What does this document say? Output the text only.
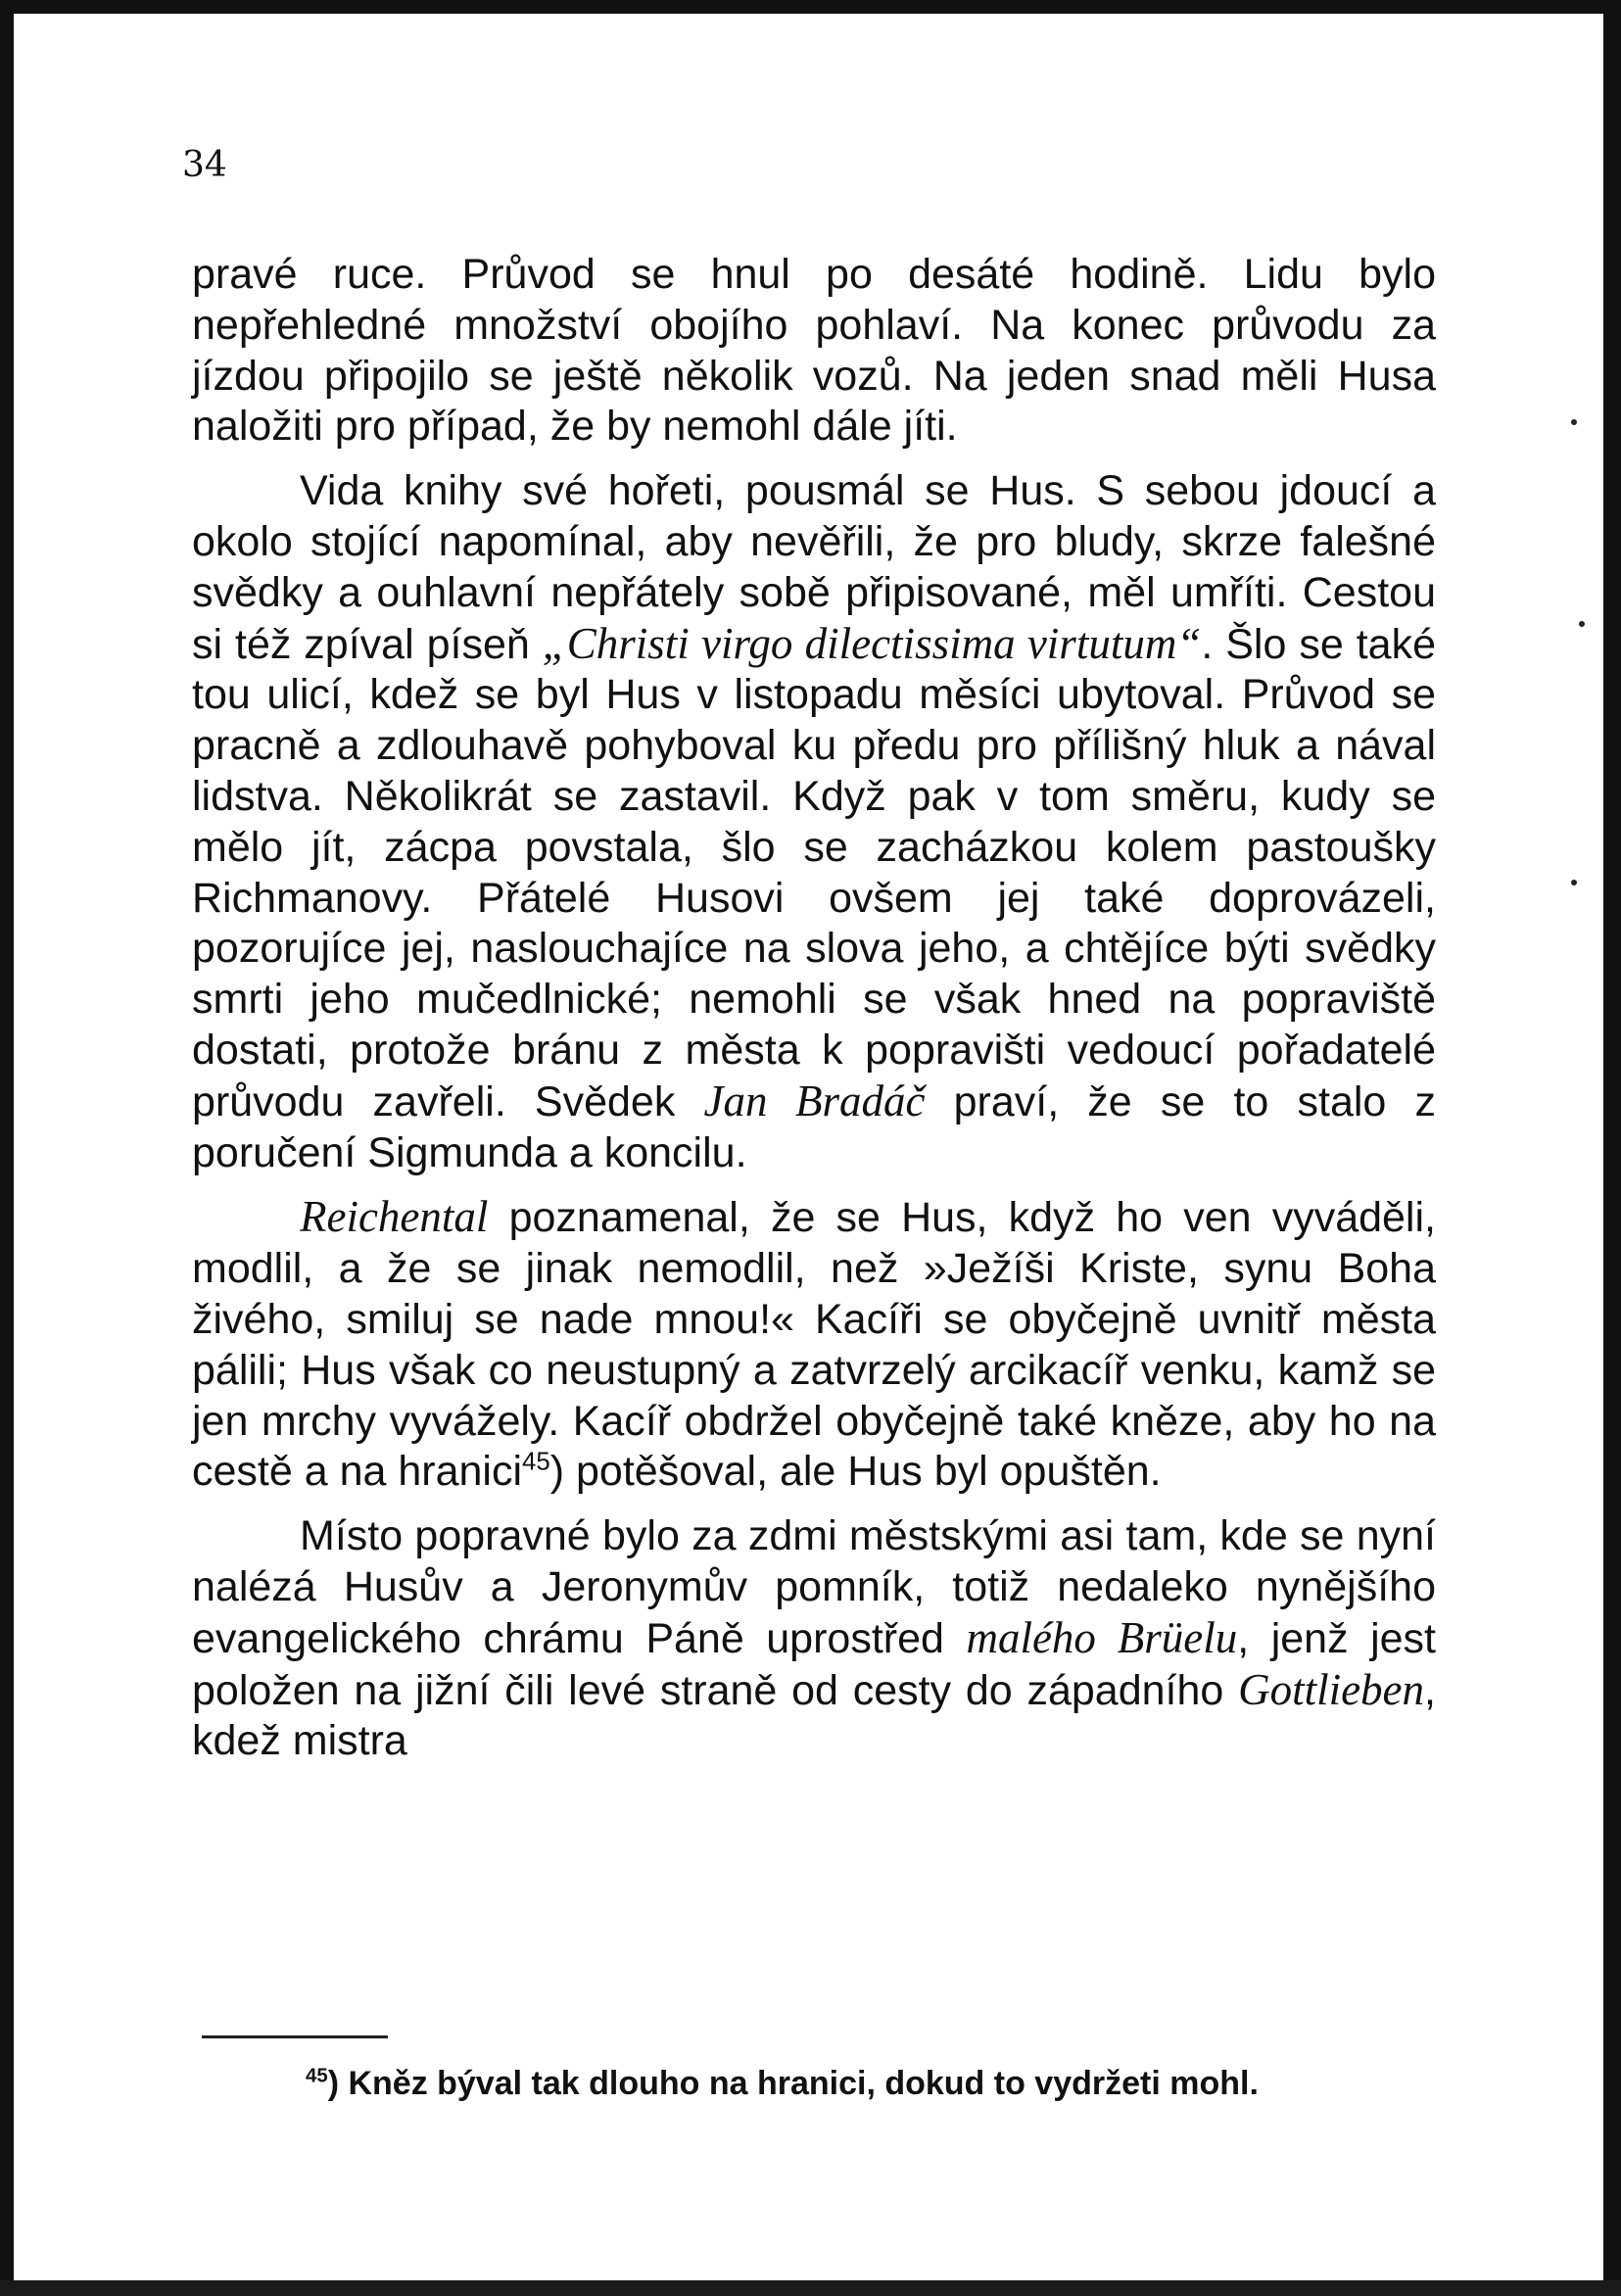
34

pravé ruce. Průvod se hnul po desáté hodině. Lidu bylo nepřehledné množství obojího pohlaví. Na konec průvodu za jízdou připojilo se ještě několik vozů. Na jeden snad měli Husa naložiti pro případ, že by nemohl dále jíti.

Vida knihy své hořeti, pousmál se Hus. S sebou jdoucí a okolo stojící napomínal, aby nevěřili, že pro bludy, skrze falešné svědky a ouhlavní nepřátely sobě připisované, měl umříti. Cestou si též zpíval píseň „Christi virgo dilectissima virtutum“. Šlo se také tou ulicí, kdež se byl Hus v listopadu měsíci ubytoval. Průvod se pracně a zdlouhavě pohyboval ku předu pro přílišný hluk a nával lidstva. Několikrát se zastavil. Když pak v tom směru, kudy se mělo jít, zácpa povstala, šlo se zacházkou kolem pastoušky Richmanovy. Přátelé Husovi ovšem jej také doprovázeli, pozorujíce jej, naslouchajíce na slova jeho, a chtějíce býti svědky smrti jeho mučedlnické; nemohli se však hned na popraviště dostati, protože bránu z města k popravišti vedoucí pořadatelé průvodu zavřeli. Svědek Jan Bradáč praví, že se to stalo z poručení Sigmunda a koncilu.

Reichental poznamenal, že se Hus, když ho ven vyváděli, modlil, a že se jinak nemodlil, než »Ježíši Kriste, synu Boha živého, smiluj se nade mnou!« Kacíři se obyčejně uvnitř města pálili; Hus však co neustupný a zatvrzelý arcikacíř venku, kamž se jen mrchy vyvážely. Kacíř obdržel obyčejně také kněze, aby ho na cestě a na hranici$^{45}$) potěšoval, ale Hus byl opuštěn.

Místo popravné bylo za zdmi městskými asi tam, kde se nyní nalézá Husův a Jeronymův pomník, totiž nedaleko nynějšího evangelického chrámu Páně uprostřed malého Brüelu, jenž jest položen na jižní čili levé straně od cesty do západního Gottlieben, kdež mistra

$^{45}$) Kněz býval tak dlouho na hranici, dokud to vydržeti mohl.
